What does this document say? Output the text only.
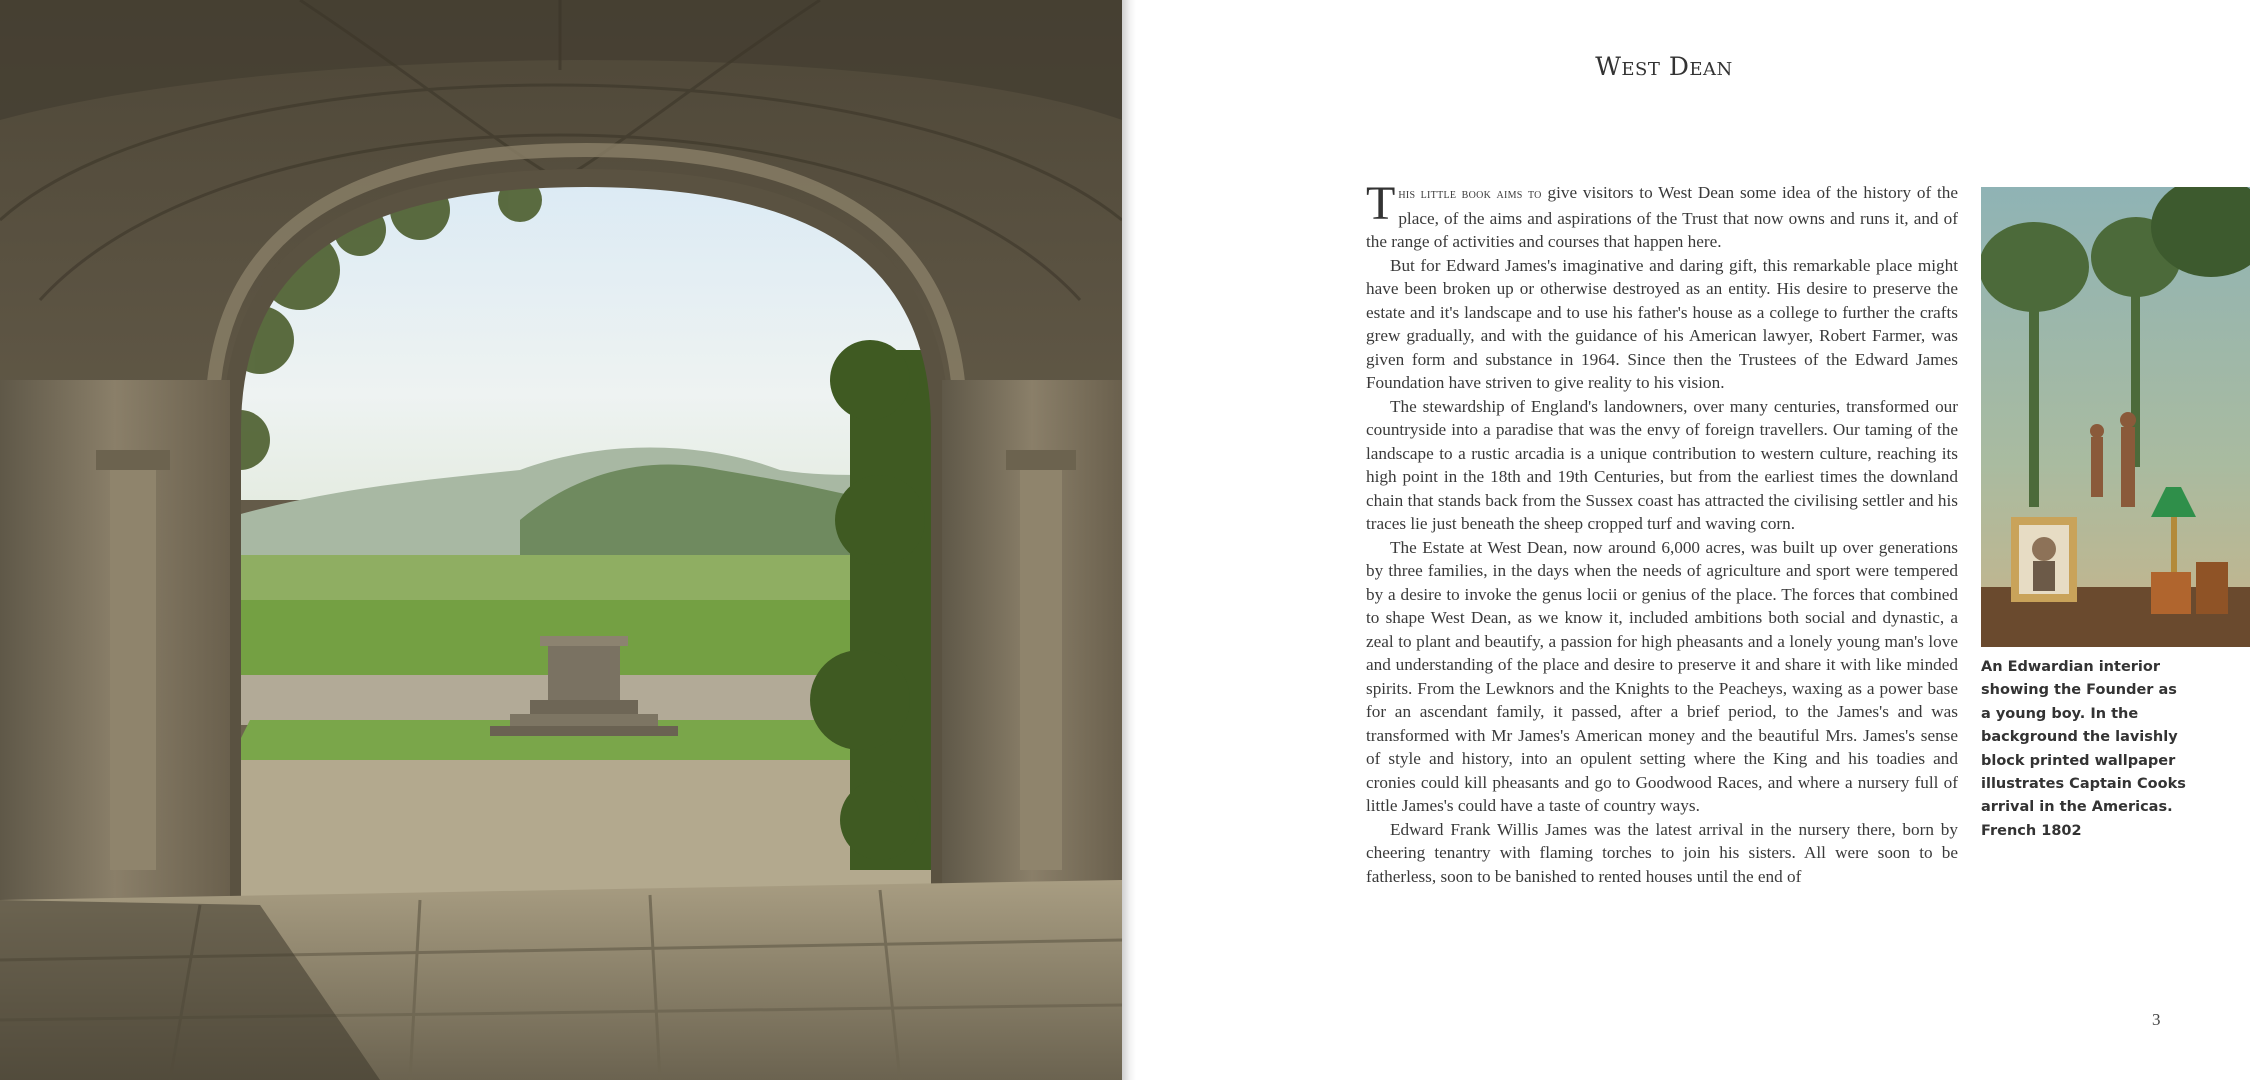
West Dean

This little book aims to give visitors to West Dean some idea of the history of the place, of the aims and aspirations of the Trust that now owns and runs it, and of the range of activities and courses that happen here.

But for Edward James's imaginative and daring gift, this remarkable place might have been broken up or otherwise destroyed as an entity. His desire to preserve the estate and it's landscape and to use his father's house as a college to further the crafts grew gradually, and with the guidance of his American lawyer, Robert Farmer, was given form and substance in 1964. Since then the Trustees of the Edward James Foundation have striven to give reality to his vision.

The stewardship of England's landowners, over many centuries, transformed our countryside into a paradise that was the envy of foreign travellers. Our taming of the landscape to a rustic arcadia is a unique contribution to western culture, reaching its high point in the 18th and 19th Centuries, but from the earliest times the downland chain that stands back from the Sussex coast has attracted the civilising settler and his traces lie just beneath the sheep cropped turf and waving corn.

The Estate at West Dean, now around 6,000 acres, was built up over generations by three families, in the days when the needs of agriculture and sport were tempered by a desire to invoke the genus locii or genius of the place. The forces that combined to shape West Dean, as we know it, included ambitions both social and dynastic, a zeal to plant and beautify, a passion for high pheasants and a lonely young man's love and understanding of the place and desire to preserve it and share it with like minded spirits. From the Lewknors and the Knights to the Peacheys, waxing as a power base for an ascendant family, it passed, after a brief period, to the James's and was transformed with Mr James's American money and the beautiful Mrs. James's sense of style and history, into an opulent setting where the King and his toadies and cronies could kill pheasants and go to Goodwood Races, and where a nursery full of little James's could have a taste of country ways.

Edward Frank Willis James was the latest arrival in the nursery there, born by cheering tenantry with flaming torches to join his sisters. All were soon to be fatherless, soon to be banished to rented houses until the end of

An Edwardian interior showing the Founder as a young boy. In the background the lavishly block printed wallpaper illustrates Captain Cooks arrival in the Americas. French 1802
3
